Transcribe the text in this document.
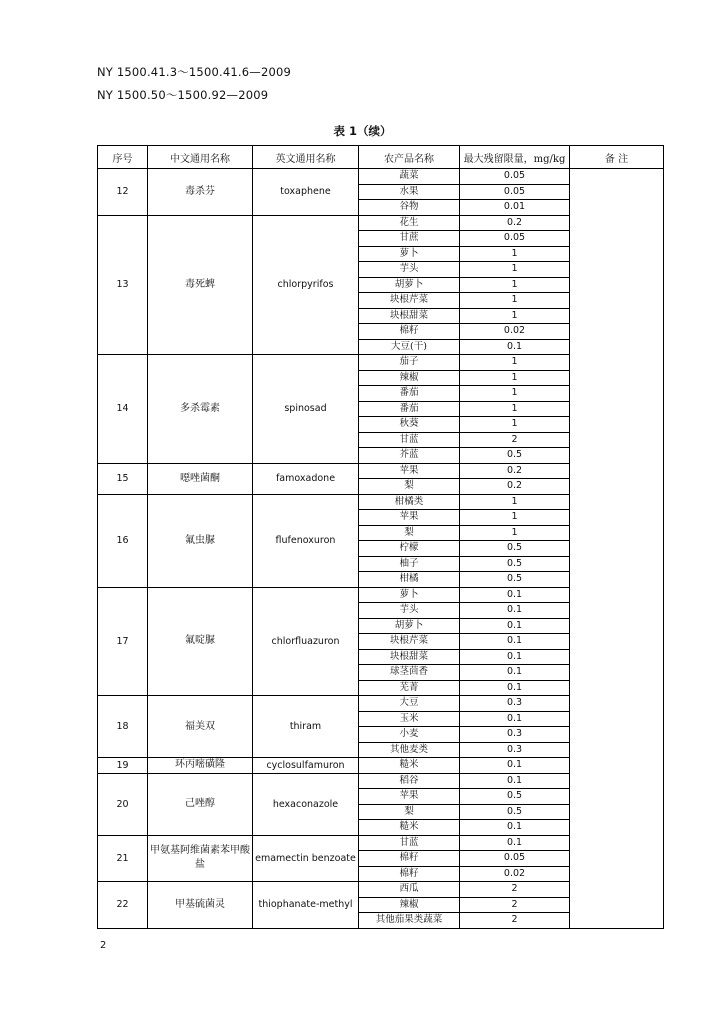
NY 1500.41.3～1500.41.6—2009
NY 1500.50～1500.92—2009
表 1（续）
序号	中文通用名称	英文通用名称	农产品名称	最大残留限量，mg/kg	备 注
12	毒杀芬	toxaphene	蔬菜	0.05	
			水果	0.05	
			谷物	0.01	
13	毒死蜱	chlorpyrifos	花生	0.2	
			甘蔗	0.05	
			萝卜	1	
			芋头	1	
			胡萝卜	1	
			块根芹菜	1	
			块根甜菜	1	
			棉籽	0.02	
			大豆(干)	0.1	
14	多杀霉素	spinosad	茄子	1	
			辣椒	1	
			番茄	1	
			番茄	1	
			秋葵	1	
			甘蓝	2	
			芥蓝	0.5	
15	噁唑菌酮	famoxadone	苹果	0.2	
			梨	0.2	
16	氟虫脲	flufenoxuron	柑橘类	1	
			苹果	1	
			梨	1	
			柠檬	0.5	
			柚子	0.5	
			柑橘	0.5	
17	氟啶脲	chlorfluazuron	萝卜	0.1	
			芋头	0.1	
			胡萝卜	0.1	
			块根芹菜	0.1	
			块根甜菜	0.1	
			球茎茴香	0.1	
			芜菁	0.1	
18	福美双	thiram	大豆	0.3	
			玉米	0.1	
			小麦	0.3	
			其他麦类	0.3	
19	环丙嘧磺隆	cyclosulfamuron	糙米	0.1	
20	己唑醇	hexaconazole	稻谷	0.1	
			苹果	0.5	
			梨	0.5	
			糙米	0.1	
21	甲氨基阿维菌素苯甲酸盐	emamectin benzoate	甘蓝	0.1	
			棉籽	0.05	
			棉籽	0.02	
22	甲基硫菌灵	thiophanate-methyl	西瓜	2	
			辣椒	2	
			其他茄果类蔬菜	2	
2
